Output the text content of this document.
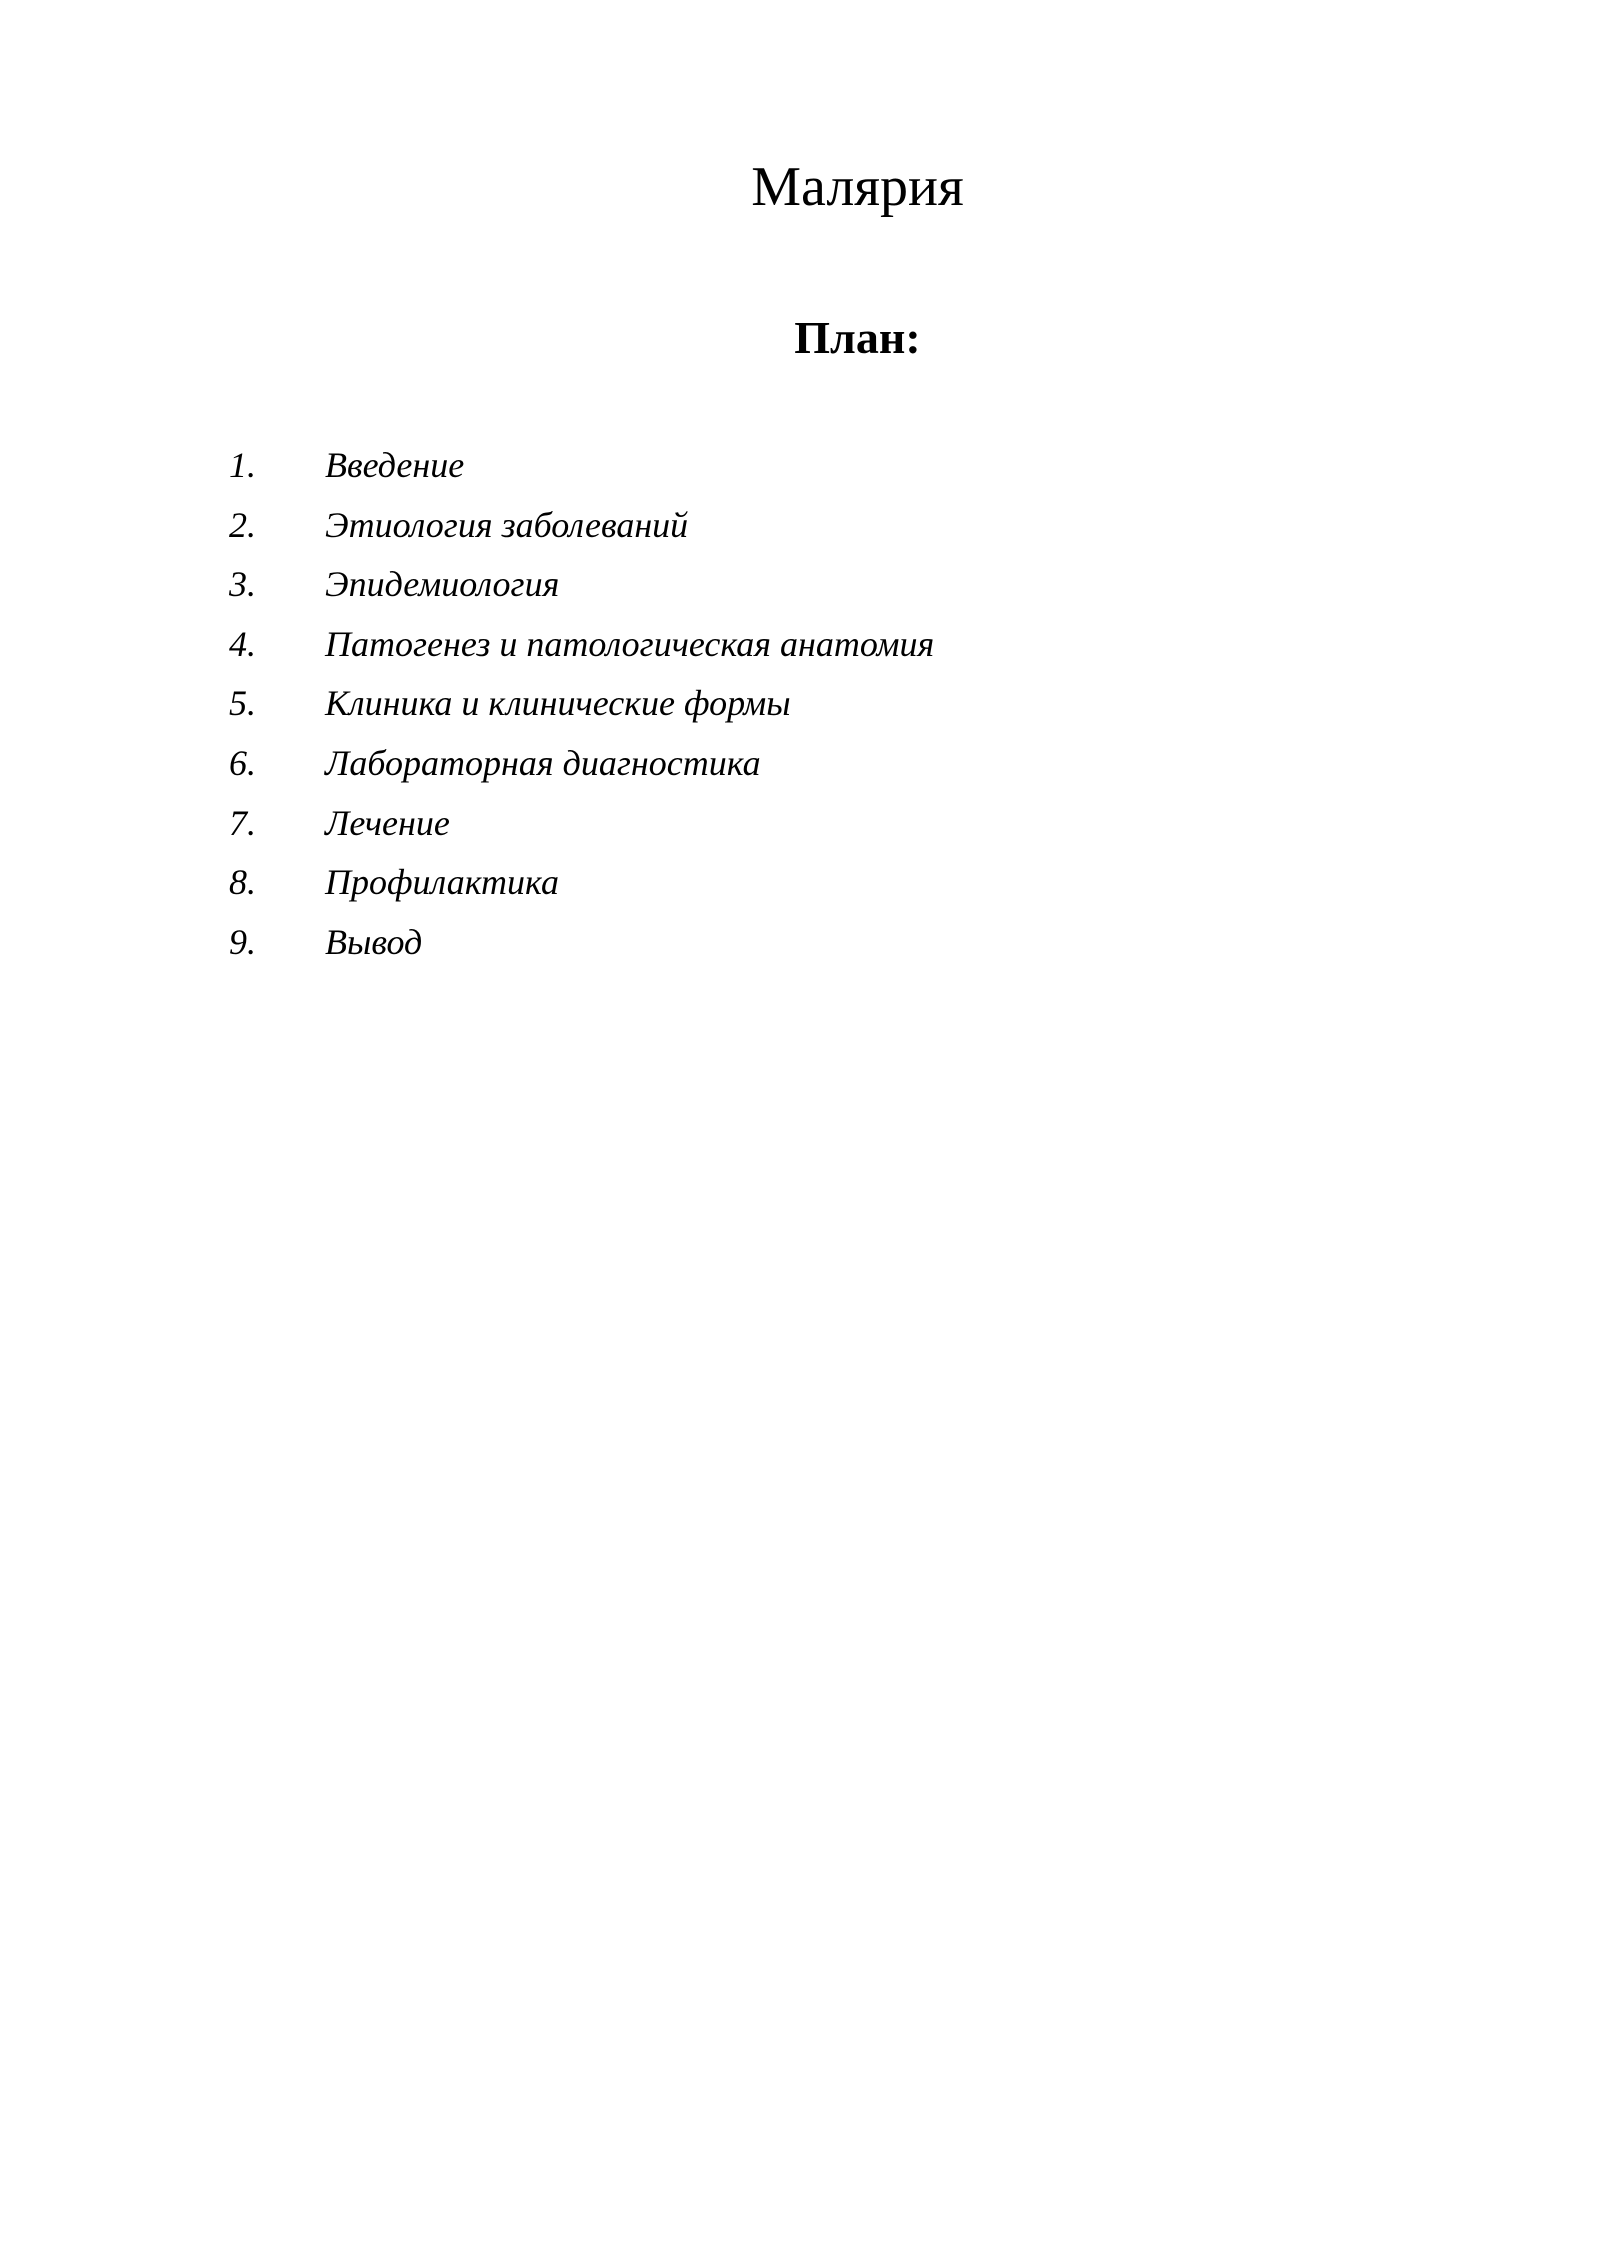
Малярия
План:
1.	Введение
2.	Этиология заболеваний
3.	Эпидемиология
4.	Патогенез и патологическая анатомия
5.	Клиника и клинические формы
6.	Лабораторная диагностика
7.	Лечение
8.	Профилактика
9.	Вывод
